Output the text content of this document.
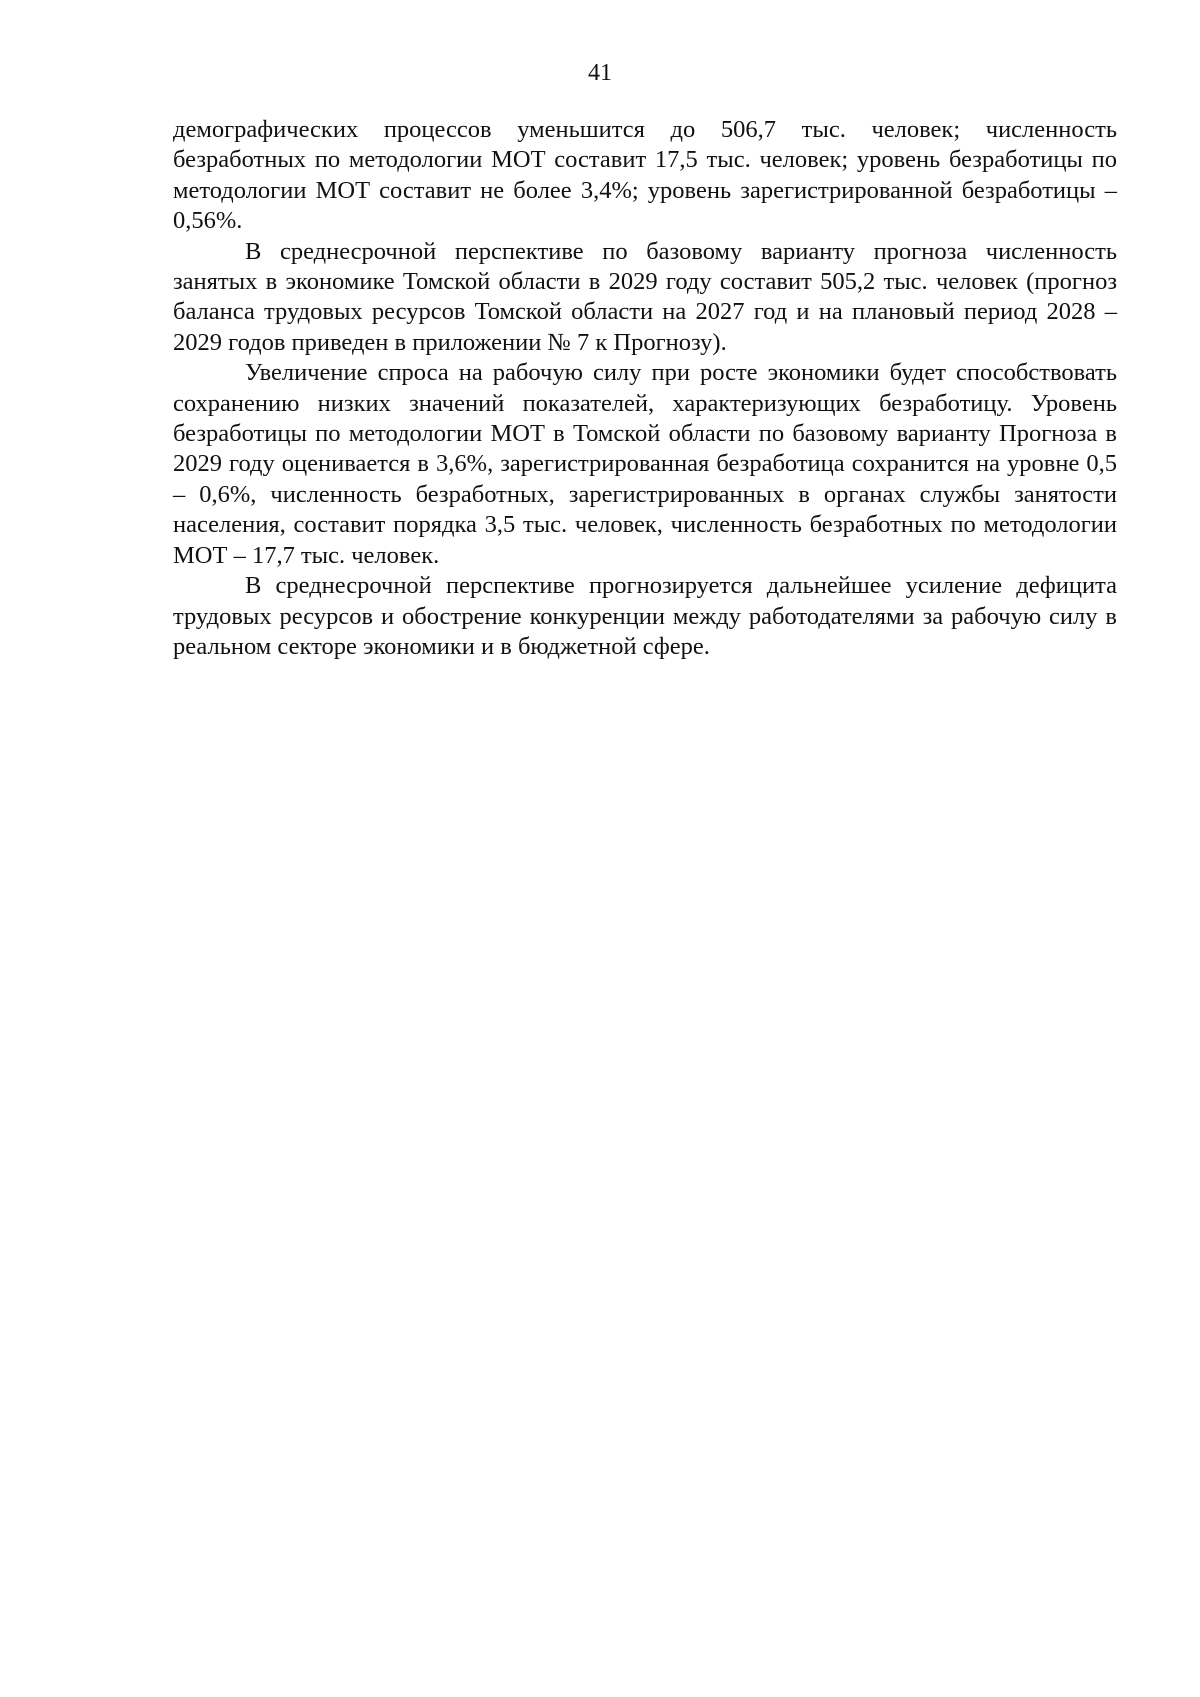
41

демографических процессов уменьшится до 506,7 тыс. человек; численность безработных по методологии МОТ составит 17,5 тыс. человек; уровень безработицы по методологии МОТ составит не более 3,4%; уровень зарегистрированной безработицы – 0,56%.

В среднесрочной перспективе по базовому варианту прогноза численность занятых в экономике Томской области в 2029 году составит 505,2 тыс. человек (прогноз баланса трудовых ресурсов Томской области на 2027 год и на плановый период 2028 – 2029 годов приведен в приложении № 7 к Прогнозу).

Увеличение спроса на рабочую силу при росте экономики будет способствовать сохранению низких значений показателей, характеризующих безработицу. Уровень безработицы по методологии МОТ в Томской области по базовому варианту Прогноза в 2029 году оценивается в 3,6%, зарегистрированная безработица сохранится на уровне 0,5 – 0,6%, численность безработных, зарегистрированных в органах службы занятости населения, составит порядка 3,5 тыс. человек, численность безработных по методологии МОТ – 17,7 тыс. человек.

В среднесрочной перспективе прогнозируется дальнейшее усиление дефицита трудовых ресурсов и обострение конкуренции между работодателями за рабочую силу в реальном секторе экономики и в бюджетной сфере.
